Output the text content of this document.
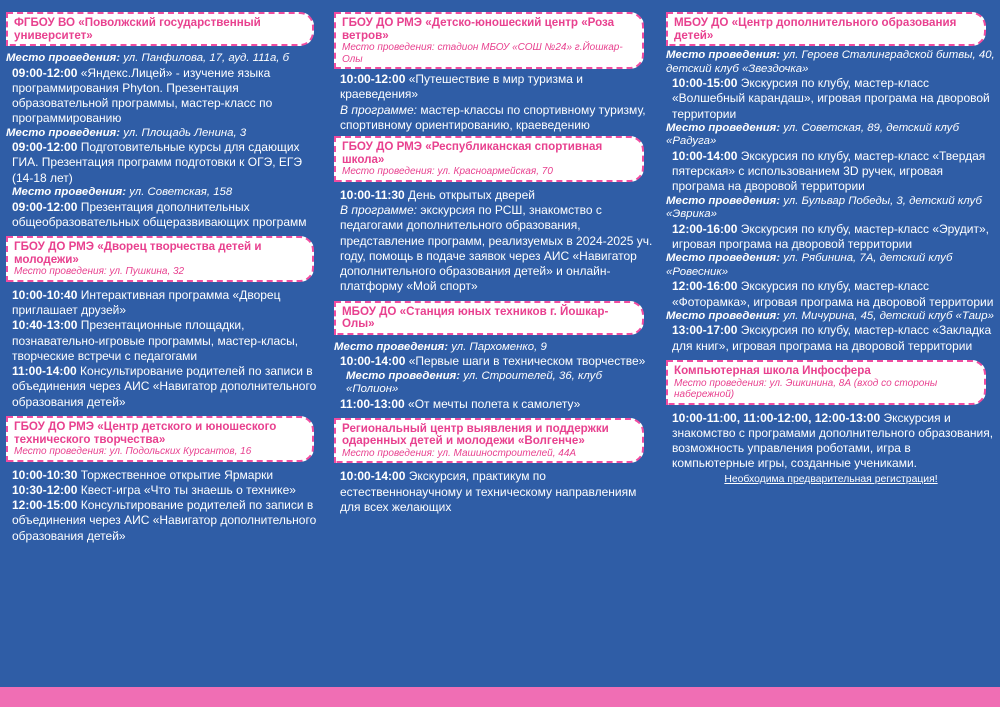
ФГБОУ ВО «Поволжский государственный университет»
Место проведения: ул. Панфилова, 17, ауд. 111а, б
09:00-12:00 «Яндекс.Лицей» - изучение языка программирования Phyton. Презентация образовательной программы, мастер-класс по программированию
Место проведения: ул. Площадь Ленина, 3
09:00-12:00 Подготовительные курсы для сдающих ГИА. Презентация программ подготовки к ОГЭ, ЕГЭ (14-18 лет)
Место проведения: ул. Советская, 158
09:00-12:00 Презентация дополнительных общеобразовательных общеразвивающих программ
ГБОУ ДО РМЭ «Дворец творчества детей и молодежи»
Место проведения: ул. Пушкина, 32
10:00-10:40 Интерактивная программа «Дворец приглашает друзей»
10:40-13:00 Презентационные площадки, познавательно-игровые программы, мастер-класы, творческие встречи с педагогами
11:00-14:00 Консультирование родителей по записи в объединения через АИС «Навигатор дополнительного образования детей»
ГБОУ ДО РМЭ «Центр детского и юношеского технического творчества»
Место проведения: ул. Подольских Курсантов, 16
10:00-10:30 Торжественное открытие Ярмарки
10:30-12:00 Квест-игра «Что ты знаешь о технике»
12:00-15:00 Консультирование родителей по записи в объединения через АИС «Навигатор дополнительного образования детей»
ГБОУ ДО РМЭ «Детско-юношеский центр «Роза ветров»
Место проведения: стадион МБОУ «СОШ №24» г.Йошкар-Олы
10:00-12:00 «Путешествие в мир туризма и краеведения»
В программе: мастер-классы по спортивному туризму, спортивному ориентированию, краеведению
ГБОУ ДО РМЭ «Республиканская спортивная школа»
Место проведения: ул. Красноармейская, 70
10:00-11:30 День открытых дверей
В программе: экскурсия по РСШ, знакомство с педагогами дополнительного образования, представление программ, реализуемых в 2024-2025 уч. году, помощь в подаче заявок через АИС «Навигатор дополнительного образования детей» и онлайн-платформу «Мой спорт»
МБОУ ДО «Станция юных техников г. Йошкар-Олы»
Место проведения: ул. Пархоменко, 9
10:00-14:00 «Первые шаги в техническом творчестве»
Место проведения: ул. Строителей, 36, клуб «Полион»
11:00-13:00 «От мечты полета к самолету»
Региональный центр выявления и поддержки одаренных детей и молодежи «Волгенче»
Место проведения: ул. Машиностроителей, 44А
10:00-14:00 Экскурсия, практикум по естественнонаучному и техническому направлениям для всех желающих
МБОУ ДО «Центр дополнительного образования детей»
Место проведения: ул. Героев Сталинградской битвы, 40, детский клуб «Звездочка»
10:00-15:00 Экскурсия по клубу, мастер-класс «Волшебный карандаш», игровая програма на дворовой территории
Место проведения: ул. Советская, 89, детский клуб «Радуга»
10:00-14:00 Экскурсия по клубу, мастер-класс «Твердая пятерская» с использованием 3D ручек, игровая програма на дворовой территории
Место проведения: ул. Бульвар Победы, 3, детский клуб «Эврика»
12:00-16:00 Экскурсия по клубу, мастер-класс «Эрудит», игровая програма на дворовой территории
Место проведения: ул. Рябинина, 7А, детский клуб «Ровесник»
12:00-16:00 Экскурсия по клубу, мастер-класс «Фоторамка», игровая програма на дворовой территории
Место проведения: ул. Мичурина, 45, детский клуб «Таир»
13:00-17:00 Экскурсия по клубу, мастер-класс «Закладка для книг», игровая програма на дворовой территории
Компьютерная школа Инфосфера
Место проведения: ул. Эшкинина, 8А (вход со стороны набережной)
10:00-11:00, 11:00-12:00, 12:00-13:00 Экскурсия и знакомство с програмами дополнительного образования, возможность управления роботами, игра в компьютерные игры, созданные учениками.
Необходима предварительная регистрация!
